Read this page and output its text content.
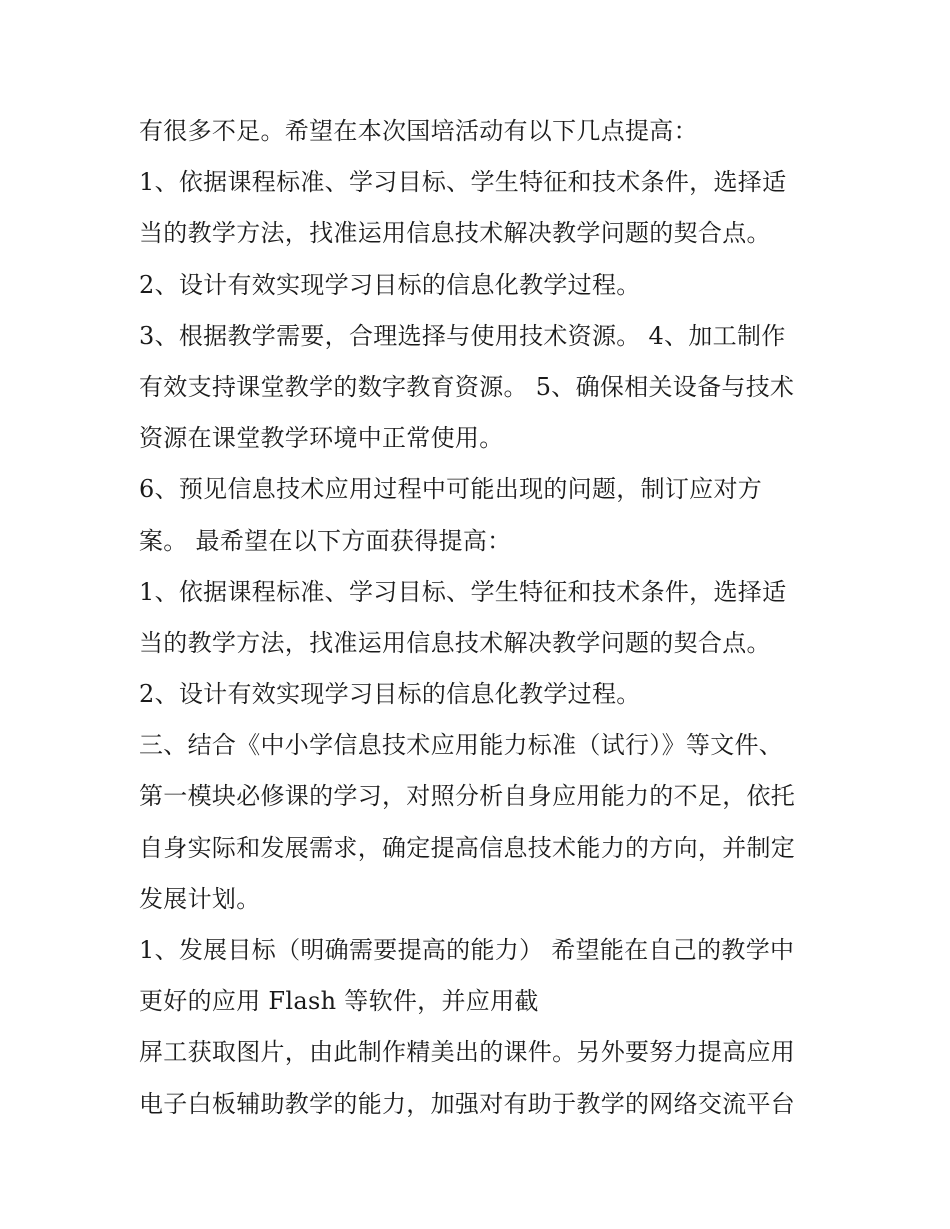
有很多不足。希望在本次国培活动有以下几点提高：
1、依据课程标准、学习目标、学生特征和技术条件，选择适
当的教学方法，找准运用信息技术解决教学问题的契合点。
2、设计有效实现学习目标的信息化教学过程。
3、根据教学需要，合理选择与使用技术资源。 4、加工制作
有效支持课堂教学的数字教育资源。 5、确保相关设备与技术
资源在课堂教学环境中正常使用。
6、预见信息技术应用过程中可能出现的问题，制订应对方
案。 最希望在以下方面获得提高：
1、依据课程标准、学习目标、学生特征和技术条件，选择适
当的教学方法，找准运用信息技术解决教学问题的契合点。
2、设计有效实现学习目标的信息化教学过程。
三、结合《中小学信息技术应用能力标准（试行）》等文件、
第一模块必修课的学习，对照分析自身应用能力的不足，依托
自身实际和发展需求，确定提高信息技术能力的方向，并制定
发展计划。
1、发展目标（明确需要提高的能力） 希望能在自己的教学中
更好的应用 Flash 等软件，并应用截
屏工获取图片，由此制作精美出的课件。另外要努力提高应用
电子白板辅助教学的能力，加强对有助于教学的网络交流平台
